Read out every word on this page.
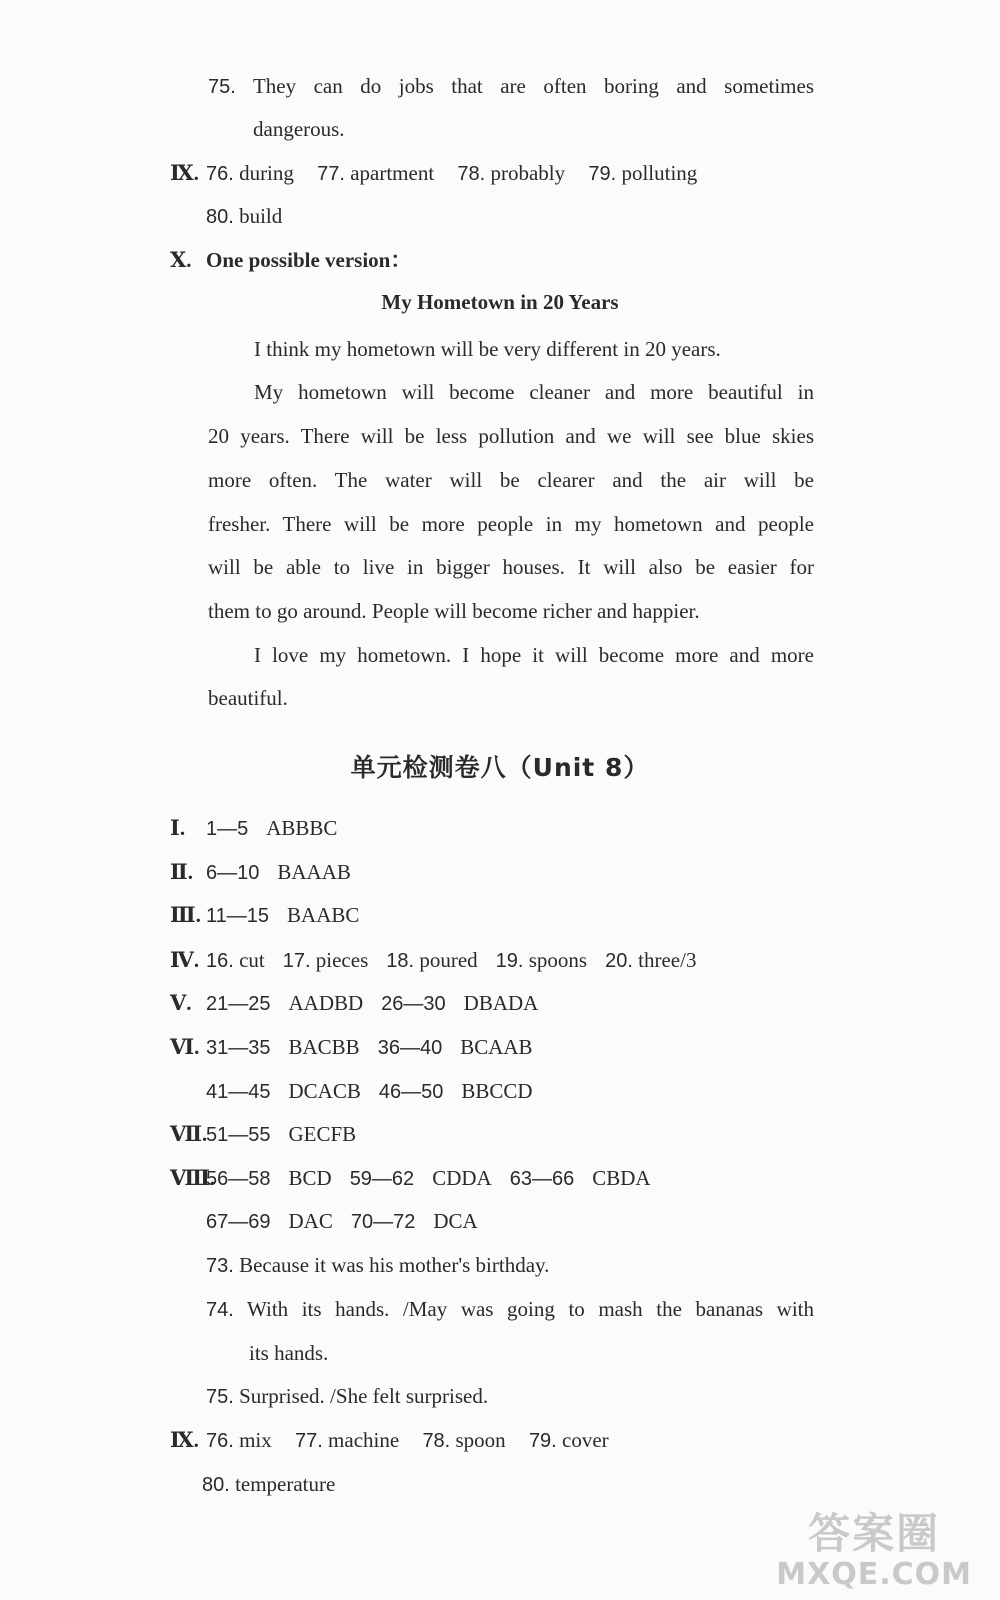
75. They can do jobs that are often boring and sometimes
dangerous.
Ⅸ. 76. during 77. apartment 78. probably 79. polluting
80. build
Ⅹ. One possible version：
My Hometown in 20 Years
I think my hometown will be very different in 20 years.
My hometown will become cleaner and more beautiful in
20 years. There will be less pollution and we will see blue skies
more often. The water will be clearer and the air will be
fresher. There will be more people in my hometown and people
will be able to live in bigger houses. It will also be easier for
them to go around. People will become richer and happier.
I love my hometown. I hope it will become more and more
beautiful.
单元检测卷八（Unit 8）
Ⅰ. 1—5 ABBBC
Ⅱ. 6—10 BAAAB
Ⅲ. 11—15 BAABC
Ⅳ. 16. cut 17. pieces 18. poured 19. spoons 20. three/3
Ⅴ. 21—25 AADBD 26—30 DBADA
Ⅵ. 31—35 BACBB 36—40 BCAAB
41—45 DCACB 46—50 BBCCD
Ⅶ.51—55 GECFB
Ⅷ.56—58 BCD 59—62 CDDA 63—66 CBDA
67—69 DAC 70—72 DCA
73. Because it was his mother's birthday.
74. With its hands. /May was going to mash the bananas with
its hands.
75. Surprised. /She felt surprised.
Ⅸ. 76. mix 77. machine 78. spoon 79. cover
80. temperature
答案圈
MXQE.COM
